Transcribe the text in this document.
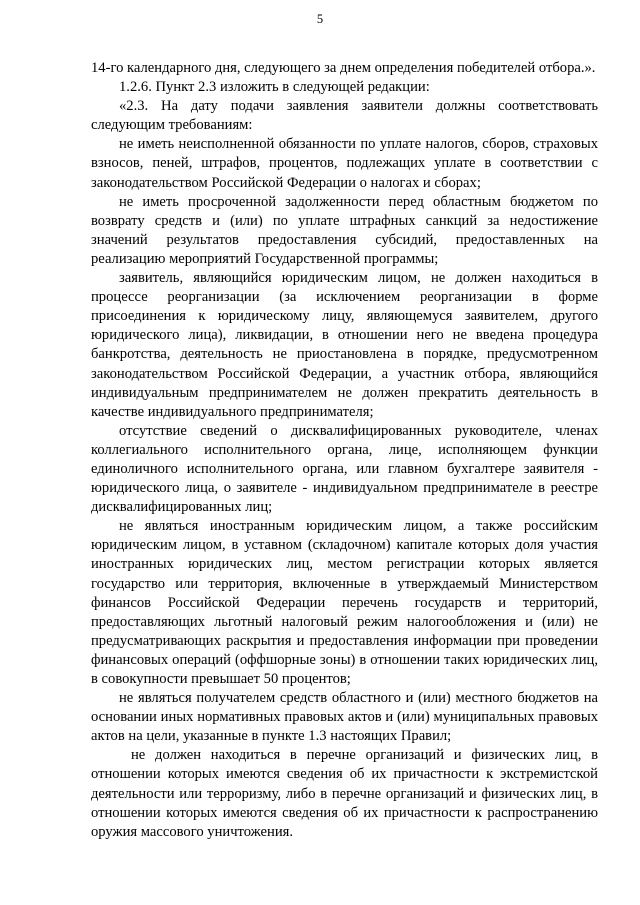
5

14-го календарного дня, следующего за днем определения победителей отбора.».

1.2.6. Пункт 2.3 изложить в следующей редакции:

«2.3. На дату подачи заявления заявители должны соответствовать следующим требованиям:

не иметь неисполненной обязанности по уплате налогов, сборов, страховых взносов, пеней, штрафов, процентов, подлежащих уплате в соответствии с законодательством Российской Федерации о налогах и сборах;

не иметь просроченной задолженности перед областным бюджетом по возврату средств и (или) по уплате штрафных санкций за недостижение значений результатов предоставления субсидий, предоставленных на реализацию мероприятий Государственной программы;

заявитель, являющийся юридическим лицом, не должен находиться в процессе реорганизации (за исключением реорганизации в форме присоединения к юридическому лицу, являющемуся заявителем, другого юридического лица), ликвидации, в отношении него не введена процедура банкротства, деятельность не приостановлена в порядке, предусмотренном законодательством Российской Федерации, а участник отбора, являющийся индивидуальным предпринимателем не должен прекратить деятельность в качестве индивидуального предпринимателя;

отсутствие сведений о дисквалифицированных руководителе, членах коллегиального исполнительного органа, лице, исполняющем функции единоличного исполнительного органа, или главном бухгалтере заявителя - юридического лица, о заявителе - индивидуальном предпринимателе в реестре дисквалифицированных лиц;

не являться иностранным юридическим лицом, а также российским юридическим лицом, в уставном (складочном) капитале которых доля участия иностранных юридических лиц, местом регистрации которых является государство или территория, включенные в утверждаемый Министерством финансов Российской Федерации перечень государств и территорий, предоставляющих льготный налоговый режим налогообложения и (или) не предусматривающих раскрытия и предоставления информации при проведении финансовых операций (оффшорные зоны) в отношении таких юридических лиц, в совокупности превышает 50 процентов;

не являться получателем средств областного и (или) местного бюджетов на основании иных нормативных правовых актов и (или) муниципальных правовых актов на цели, указанные в пункте 1.3 настоящих Правил;

не должен находиться в перечне организаций и физических лиц, в отношении которых имеются сведения об их причастности к экстремистской деятельности или терроризму, либо в перечне организаций и физических лиц, в отношении которых имеются сведения об их причастности к распространению оружия массового уничтожения.
